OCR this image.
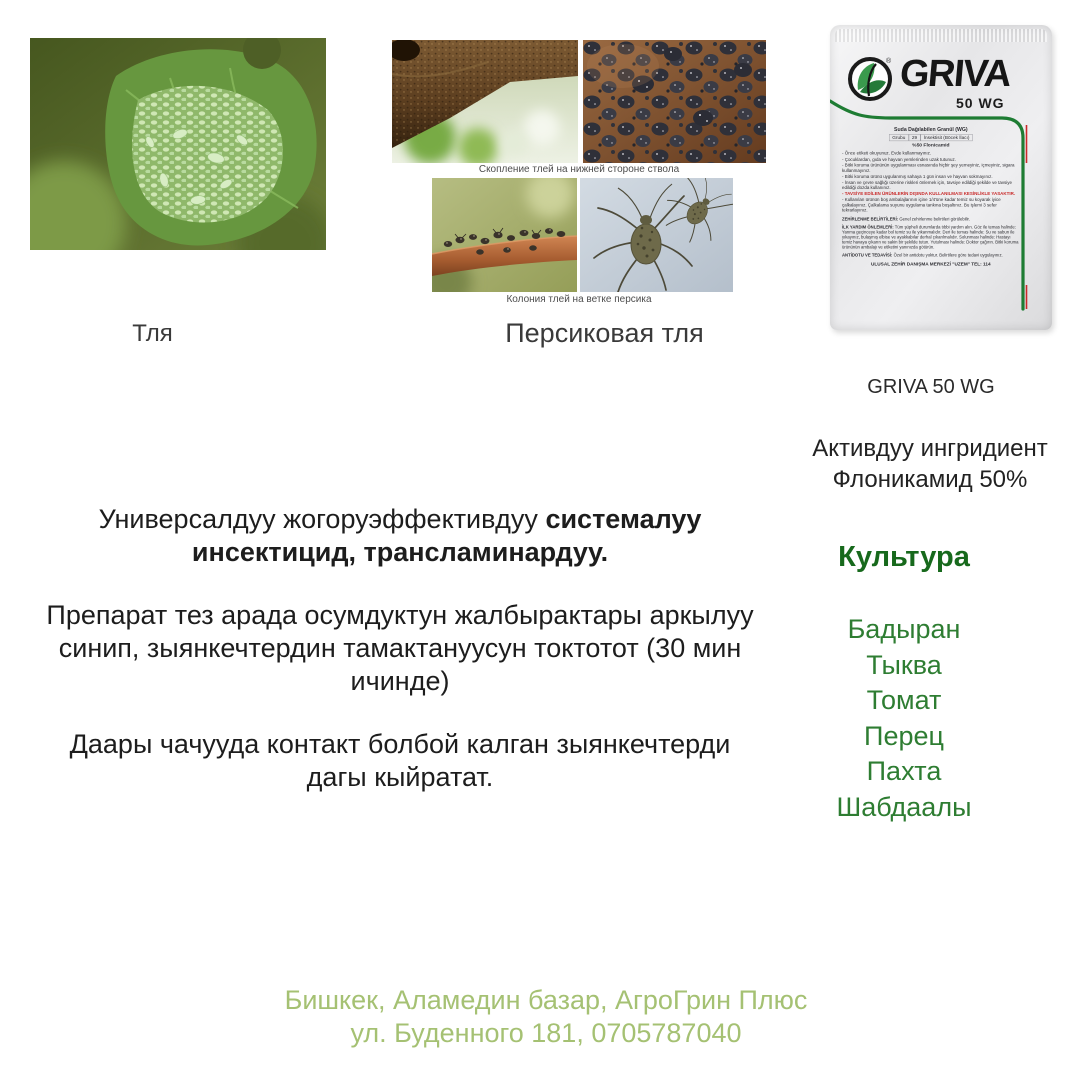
Тля
Скопление тлей на нижней стороне ствола
Колония тлей на ветке персика
Персиковая тля
® GRIVA
50 WG
Suda Dağılabilen Granül (WG)
Grubu 29 İnsektisit (Böcek İlacı)
%50 Flonicamid
- Önce etiketi okuyunuz. Evde kullanmayınız.
- Çocuklardan, gıda ve hayvan yemlerinden uzak tutunuz.
- Bitki koruma ürününün uygulanması esnasında hiçbir şey yemeyiniz, içmeyiniz, sigara kullanmayınız.
- Bitki koruma ürünü uygulanmış sahaya 1 gün insan ve hayvan sokmayınız.
- İnsan ve çevre sağlığı üzerine riskleri önlemek için, tavsiye edildiği şekilde ve tavsiye edildiği dozda kullanınız.
- TAVSİYE EDİLEN ÜRÜNLERİN DIŞINDA KULLANILMASI KESİNLİKLE YASAKTIR.
- Kullanılan ürünün boş ambalajlarının içine 1/4'üne kadar temiz su koyarak iyice çalkalayınız. Çalkalama suyunu uygulama tankına boşaltınız. Bu işlemi 3 sefer tekrarlayınız.
ZEHİRLENME BELİRTİLERİ: Genel zehirlenme belirtileri görülebilir.
İLK YARDIM ÖNLEMLERİ: Tüm şüpheli durumlarda tıbbi yardım alın. Göz ile temas halinde: Yanma geçinceye kadar bol temiz su ile yıkanmalıdır. Deri ile temas halinde: Su ve sabun ile yıkayınız, bulaşmış elbise ve ayakkabılar derhal çıkarılmalıdır. Solunması halinde: Hastayı temiz havaya çıkarın ve sakin bir şekilde tutun. Yutulması halinde: Doktor çağırın. Bitki koruma ürününün ambalajı ve etiketini yanınızda götürün.
ANTİDOTU VE TEDAVİSİ: Özel bir antidotu yoktur. Belirtilere göre tedavi uygulayınız.
ULUSAL ZEHİR DANIŞMA MERKEZİ "UZEM" TEL: 114
GRIVA 50 WG
Активдуу ингридиент
Флоникамид 50%
Культура
Бадыран
Тыква
Томат
Перец
Пахта
Шабдаалы

Универсалдуу жогоруэффективдуу системалуу инсектицид, трансламинардуу.

Препарат тез арада осумдуктун жалбырактары аркылуу синип, зыянкечтердин тамактануусун токтотот (30 мин ичинде)

Даары чачууда контакт болбой калган зыянкечтерди дагы кыйратат.

Бишкек, Аламедин базар, АгроГрин Плюс
ул. Буденного 181, 0705787040
